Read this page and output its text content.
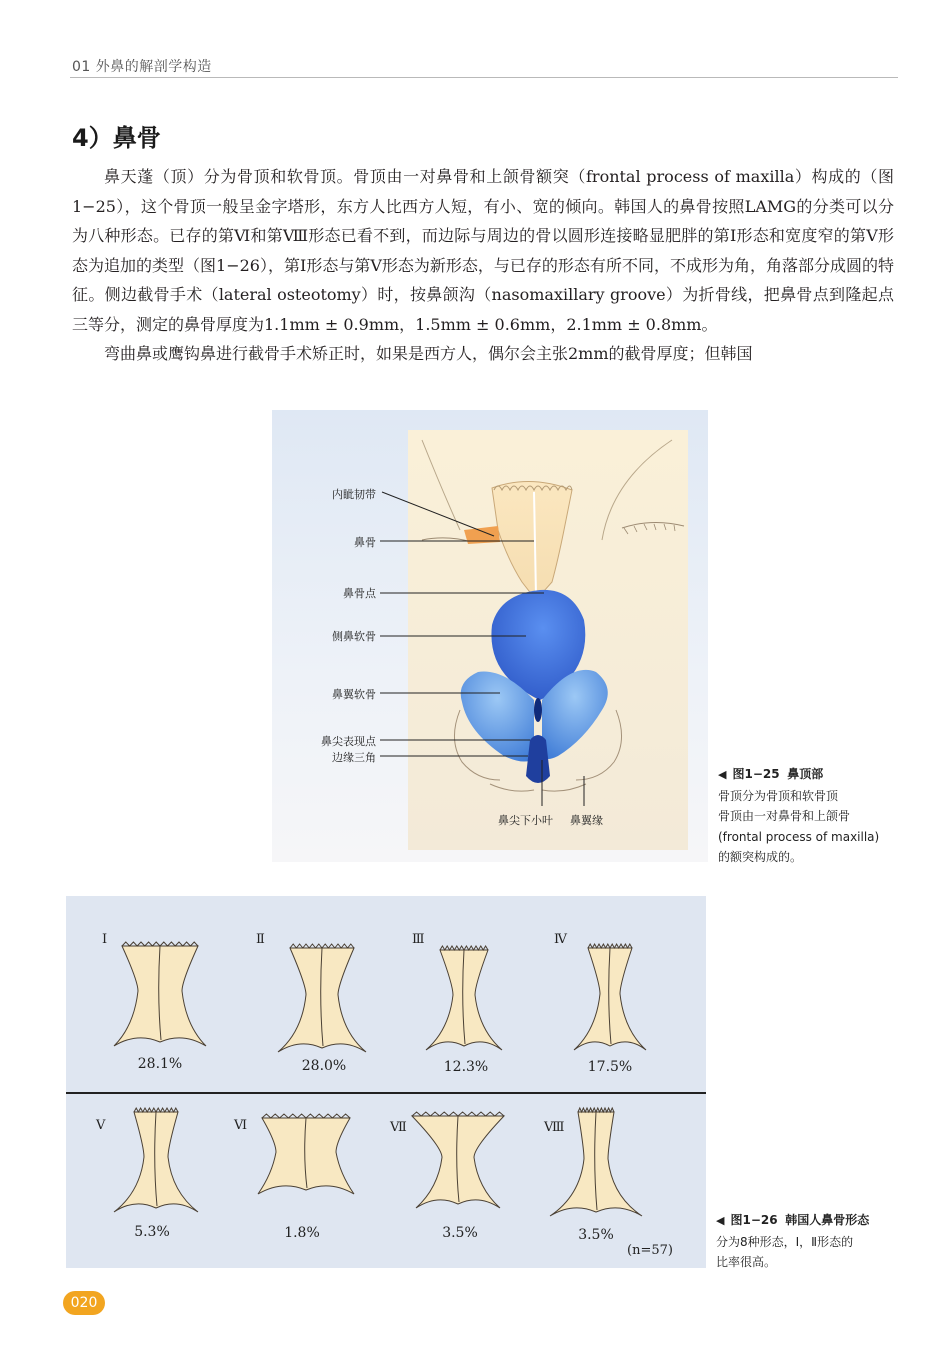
01 外鼻的解剖学构造
4）鼻骨

鼻天蓬（顶）分为骨顶和软骨顶。骨顶由一对鼻骨和上颌骨额突（frontal process of maxilla）构成的（图1−25），这个骨顶一般呈金字塔形，东方人比西方人短，有小、宽的倾向。韩国人的鼻骨按照LAMG的分类可以分为八种形态。已存的第Ⅵ和第Ⅷ形态已看不到，而边际与周边的骨以圆形连接略显肥胖的第Ⅰ形态和宽度窄的第Ⅴ形态为追加的类型（图1−26），第Ⅰ形态与第Ⅴ形态为新形态，与已存的形态有所不同，不成形为角，角落部分成圆的特征。侧边截骨手术（lateral osteotomy）时，按鼻颌沟（nasomaxillary groove）为折骨线，把鼻骨点到隆起点三等分，测定的鼻骨厚度为1.1mm ± 0.9mm，1.5mm ± 0.6mm，2.1mm ± 0.8mm。

弯曲鼻或鹰钩鼻进行截骨手术矫正时，如果是西方人，偶尔会主张2mm的截骨厚度；但韩国

内眦韧带
鼻骨
鼻骨点
侧鼻软骨
鼻翼软骨
鼻尖表现点
边缘三角
鼻尖下小叶 鼻翼缘
◀ 图1−25 鼻顶部
骨顶分为骨顶和软骨顶
骨顶由一对鼻骨和上颌骨
(frontal process of maxilla)
的额突构成的。
Ⅰ	Ⅱ	Ⅲ	Ⅳ
Ⅴ	Ⅵ	Ⅶ	Ⅷ
28.1%	28.0%	12.3%	17.5%
5.3%	1.8%	3.5%	3.5%
(n=57)
◀ 图1−26 韩国人鼻骨形态
分为8种形态，Ⅰ，Ⅱ形态的
比率很高。
020
